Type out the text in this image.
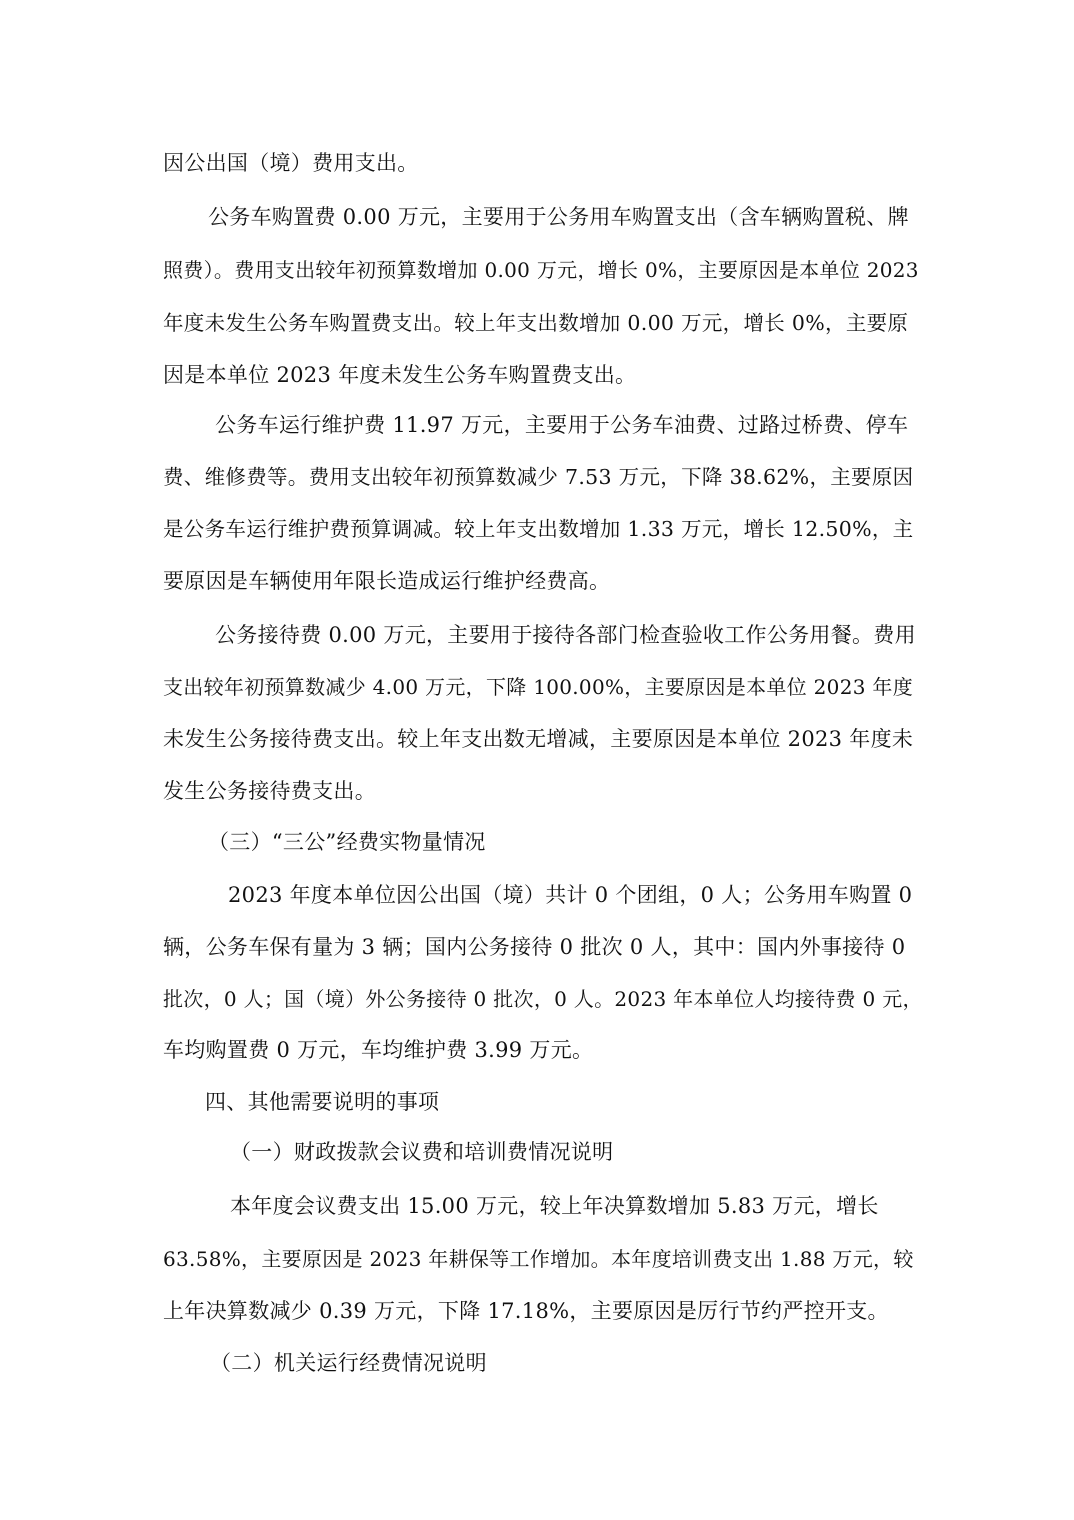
因公出国（境）费用支出。
公务车购置费 0.00 万元，主要用于公务用车购置支出（含车辆购置税、牌
照费）。费用支出较年初预算数增加 0.00 万元，增长 0%，主要原因是本单位 2023
年度未发生公务车购置费支出。较上年支出数增加 0.00 万元，增长 0%，主要原
因是本单位 2023 年度未发生公务车购置费支出。
公务车运行维护费 11.97 万元，主要用于公务车油费、过路过桥费、停车
费、维修费等。费用支出较年初预算数减少 7.53 万元，下降 38.62%，主要原因
是公务车运行维护费预算调减。较上年支出数增加 1.33 万元，增长 12.50%，主
要原因是车辆使用年限长造成运行维护经费高。
公务接待费 0.00 万元，主要用于接待各部门检查验收工作公务用餐。费用
支出较年初预算数减少 4.00 万元，下降 100.00%，主要原因是本单位 2023 年度
未发生公务接待费支出。较上年支出数无增减，主要原因是本单位 2023 年度未
发生公务接待费支出。
（三）“三公”经费实物量情况
2023 年度本单位因公出国（境）共计 0 个团组，0 人；公务用车购置 0
辆，公务车保有量为 3 辆；国内公务接待 0 批次 0 人，其中：国内外事接待 0
批次，0 人；国（境）外公务接待 0 批次，0 人。2023 年本单位人均接待费 0 元，
车均购置费 0 万元，车均维护费 3.99 万元。
四、其他需要说明的事项
（一）财政拨款会议费和培训费情况说明
本年度会议费支出 15.00 万元，较上年决算数增加 5.83 万元，增长
63.58%，主要原因是 2023 年耕保等工作增加。本年度培训费支出 1.88 万元，较
上年决算数减少 0.39 万元，下降 17.18%，主要原因是厉行节约严控开支。
（二）机关运行经费情况说明
